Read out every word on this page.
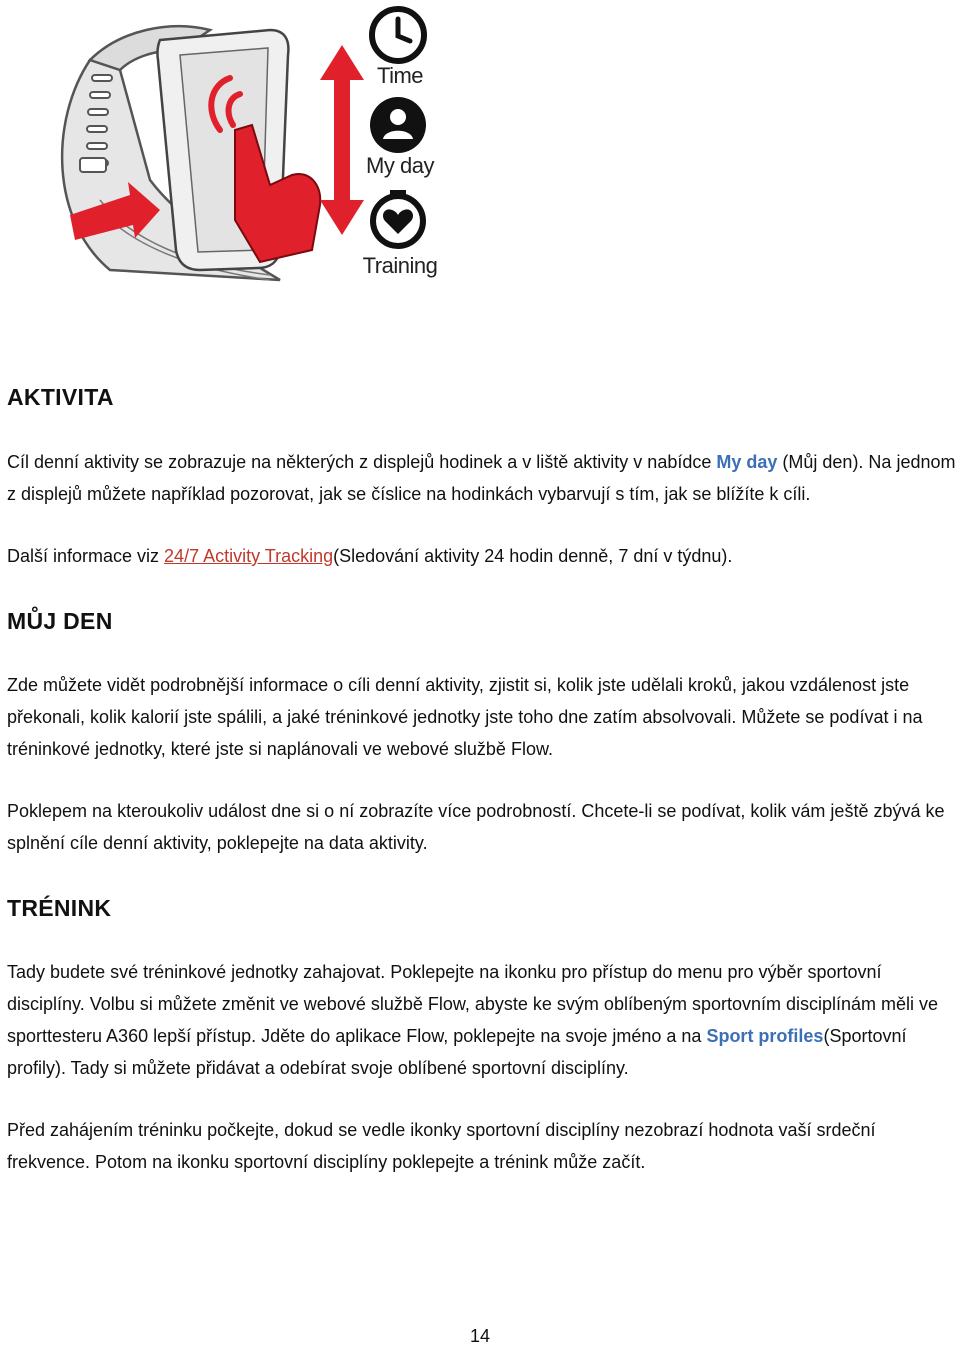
Time
My day
Training
AKTIVITA

Cíl denní aktivity se zobrazuje na některých z displejů hodinek a v liště aktivity v nabídce My day (Můj den). Na jednom z displejů můžete například pozorovat, jak se číslice na hodinkách vybarvují s tím, jak se blížíte k cíli.

Další informace viz 24/7 Activity Tracking(Sledování aktivity 24 hodin denně, 7 dní v týdnu).

MŮJ DEN

Zde můžete vidět podrobnější informace o cíli denní aktivity, zjistit si, kolik jste udělali kroků, jakou vzdálenost jste překonali, kolik kalorií jste spálili, a jaké tréninkové jednotky jste toho dne zatím absolvovali. Můžete se podívat i na tréninkové jednotky, které jste si naplánovali ve webové službě Flow.

Poklepem na kteroukoliv událost dne si o ní zobrazíte více podrobností. Chcete-li se podívat, kolik vám ještě zbývá ke splnění cíle denní aktivity, poklepejte na data aktivity.

TRÉNINK

Tady budete své tréninkové jednotky zahajovat. Poklepejte na ikonku pro přístup do menu pro výběr sportovní disciplíny. Volbu si můžete změnit ve webové službě Flow, abyste ke svým oblíbeným sportovním disciplínám měli ve sporttesteru A360 lepší přístup. Jděte do aplikace Flow, poklepejte na svoje jméno a na Sport profiles(Sportovní profily). Tady si můžete přidávat a odebírat svoje oblíbené sportovní disciplíny.

Před zahájením tréninku počkejte, dokud se vedle ikonky sportovní disciplíny nezobrazí hodnota vaší srdeční frekvence. Potom na ikonku sportovní disciplíny poklepejte a trénink může začít.

14
